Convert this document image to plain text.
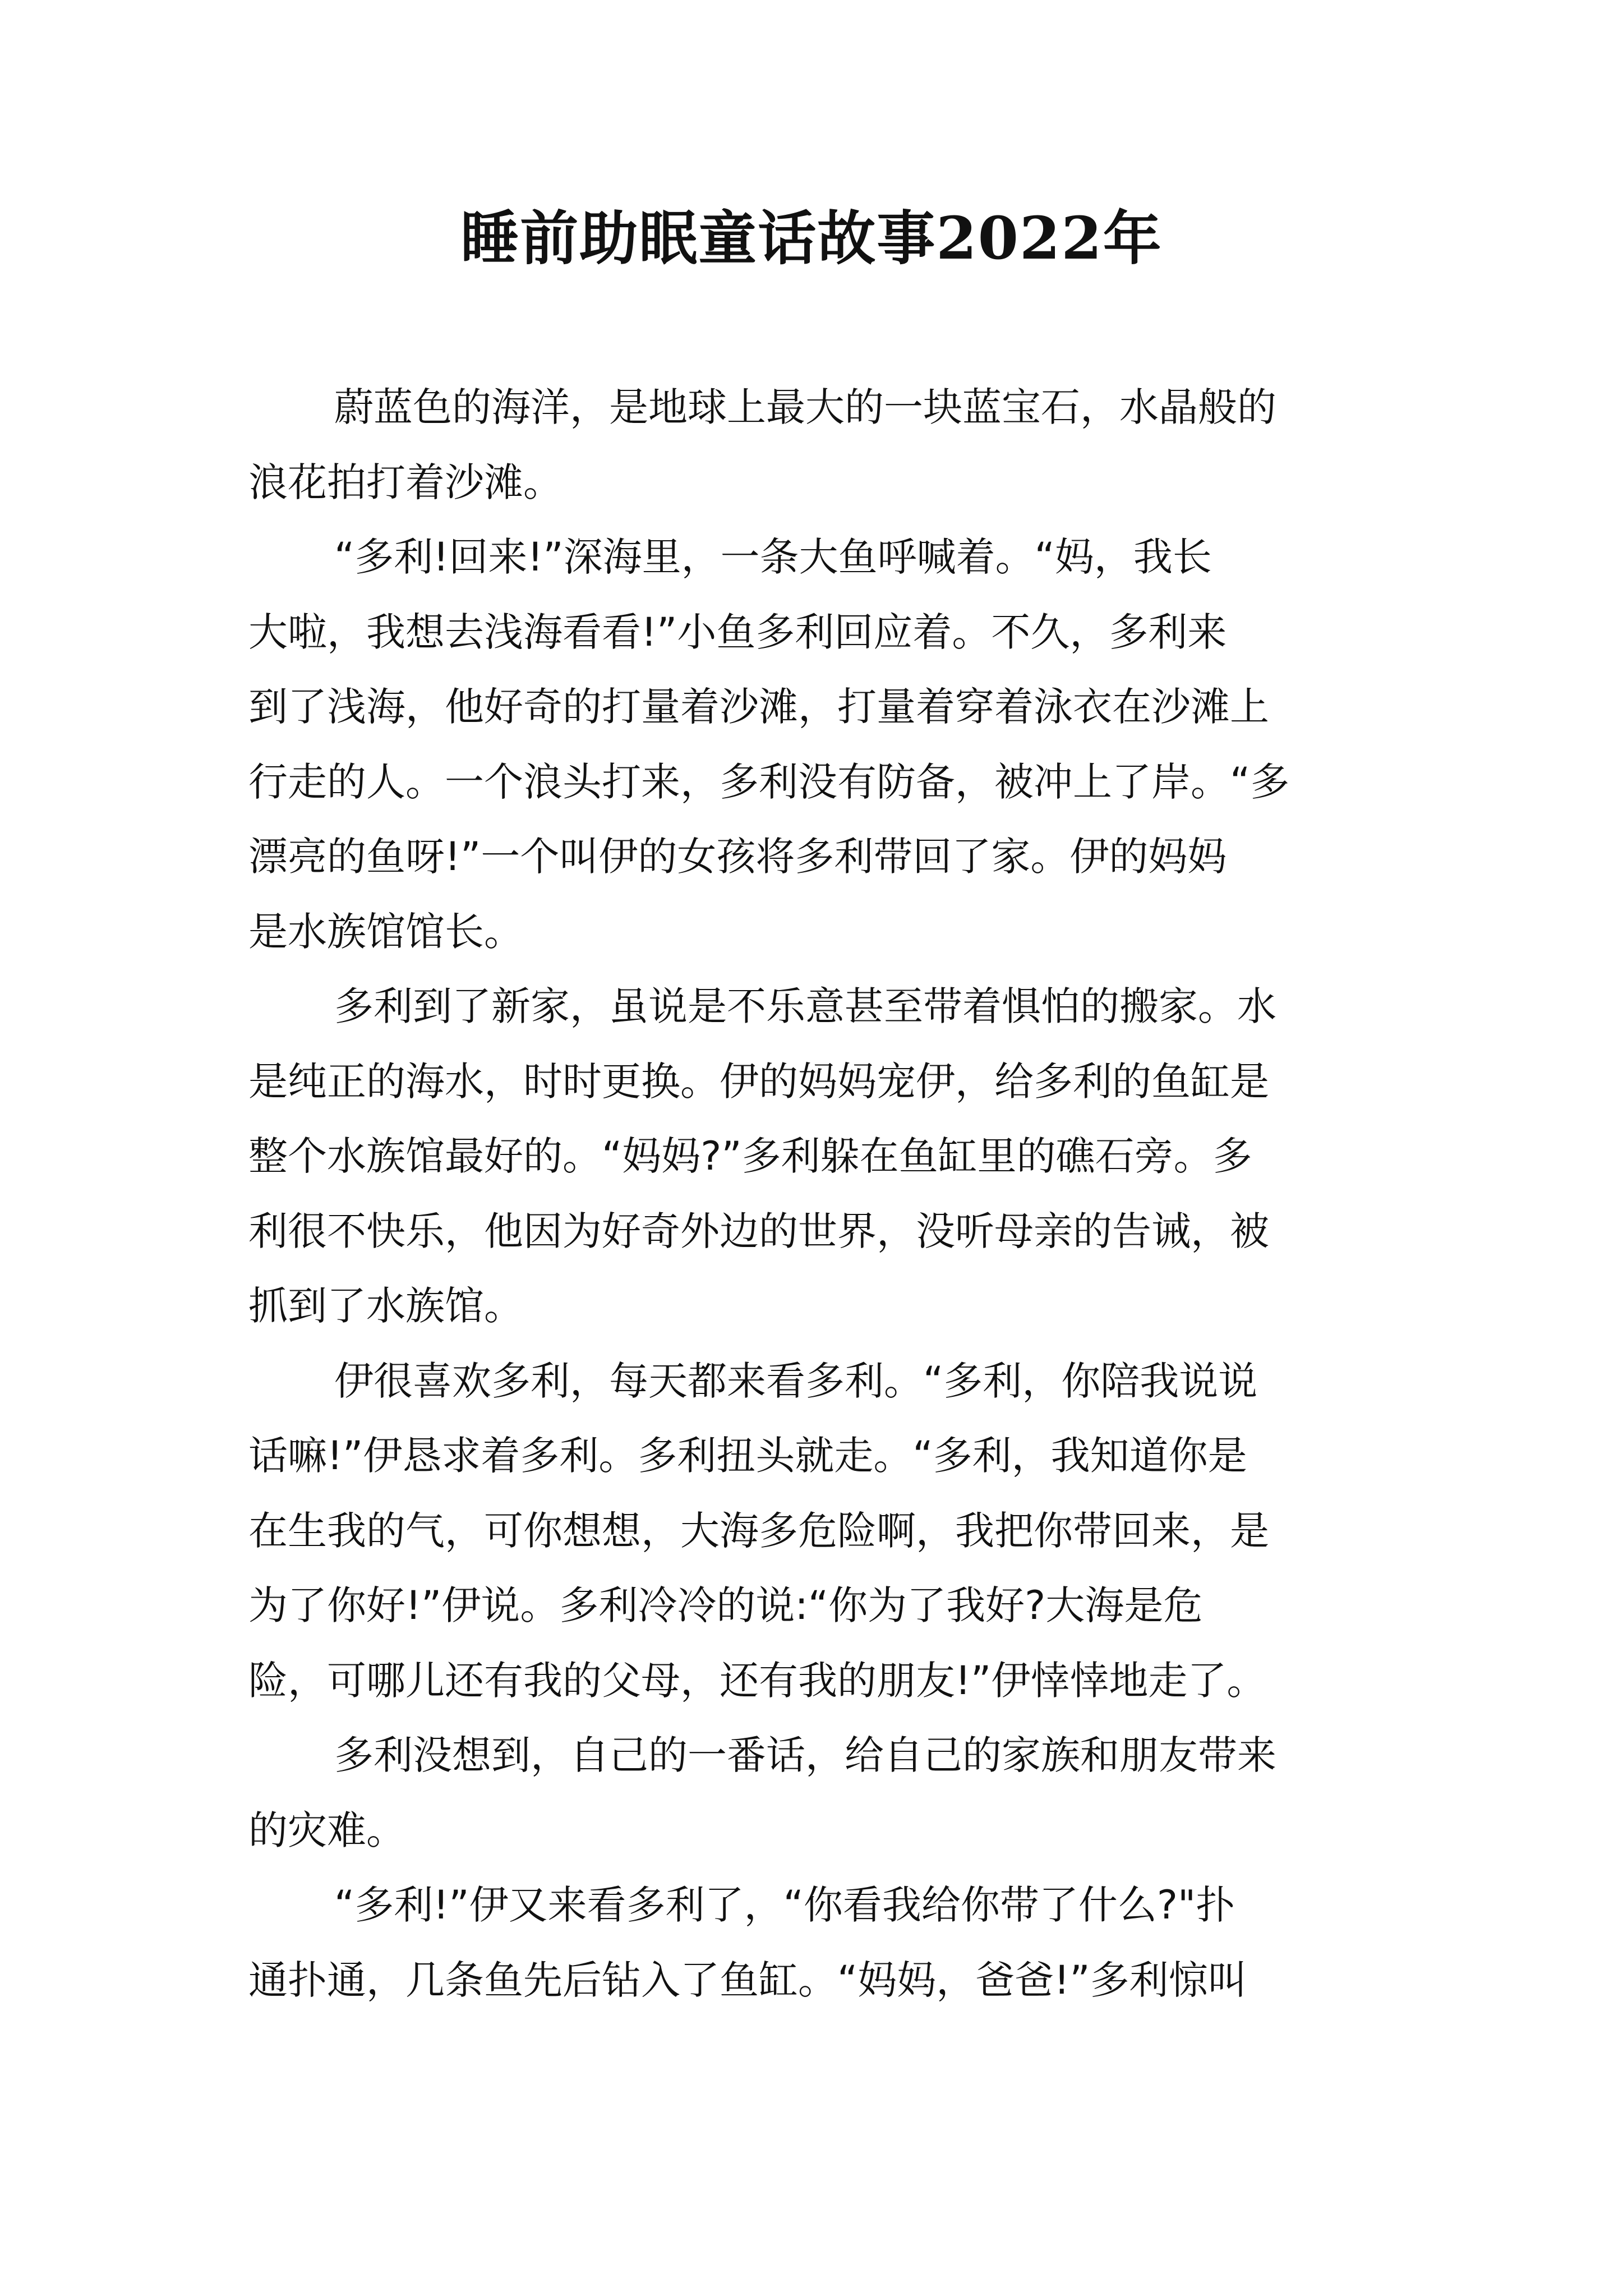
睡前助眠童话故事2022年
蔚蓝色的海洋，是地球上最大的一块蓝宝石，水晶般的
浪花拍打着沙滩。
“多利!回来!”深海里，一条大鱼呼喊着。“妈，我长
大啦，我想去浅海看看!”小鱼多利回应着。不久，多利来
到了浅海，他好奇的打量着沙滩，打量着穿着泳衣在沙滩上
行走的人。一个浪头打来，多利没有防备，被冲上了岸。“多
漂亮的鱼呀!”一个叫伊的女孩将多利带回了家。伊的妈妈
是水族馆馆长。
多利到了新家，虽说是不乐意甚至带着惧怕的搬家。水
是纯正的海水，时时更换。伊的妈妈宠伊，给多利的鱼缸是
整个水族馆最好的。“妈妈?”多利躲在鱼缸里的礁石旁。多
利很不快乐，他因为好奇外边的世界，没听母亲的告诫，被
抓到了水族馆。
伊很喜欢多利，每天都来看多利。“多利，你陪我说说
话嘛!”伊恳求着多利。多利扭头就走。“多利，我知道你是
在生我的气，可你想想，大海多危险啊，我把你带回来，是
为了你好!”伊说。多利冷冷的说:“你为了我好?大海是危
险，可哪儿还有我的父母，还有我的朋友!”伊悻悻地走了。
多利没想到，自己的一番话，给自己的家族和朋友带来
的灾难。
“多利!”伊又来看多利了，“你看我给你带了什么?"扑
通扑通，几条鱼先后钻入了鱼缸。“妈妈，爸爸!”多利惊叫
